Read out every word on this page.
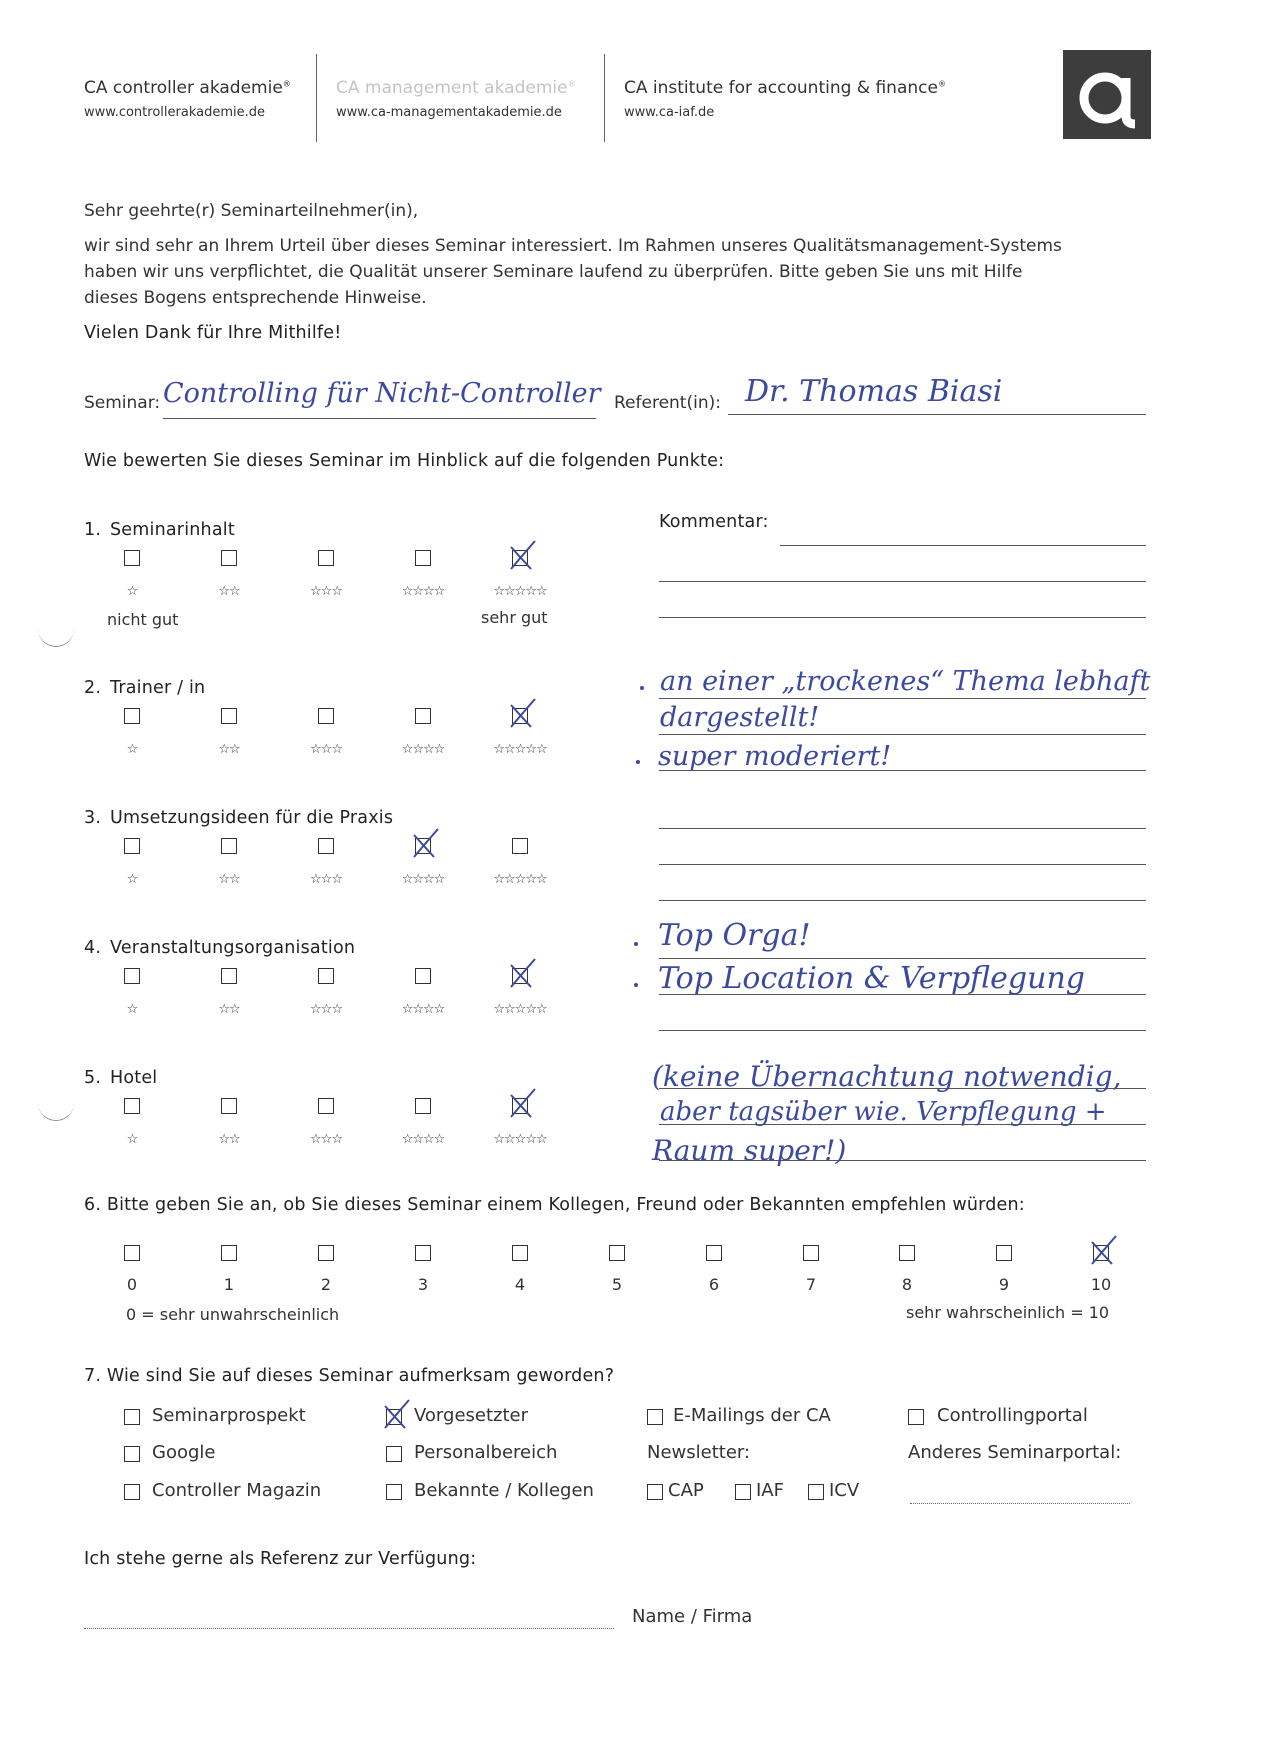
CA controller akademie®
www.controllerakademie.de
CA management akademie®
www.ca-managementakademie.de
CA institute for accounting & finance®
www.ca-iaf.de
Sehr geehrte(r) Seminarteilnehmer(in),
wir sind sehr an Ihrem Urteil über dieses Seminar interessiert. Im Rahmen unseres Qualitätsmanagement-Systems
haben wir uns verpflichtet, die Qualität unserer Seminare laufend zu überprüfen. Bitte geben Sie uns mit Hilfe
dieses Bogens entsprechende Hinweise.
Vielen Dank für Ihre Mithilfe!
Seminar: Controlling für Nicht-Controller Referent(in): Dr. Thomas Biasi
Wie bewerten Sie dieses Seminar im Hinblick auf die folgenden Punkte:
Kommentar:
1. Seminarinhalt
☆	☆☆	☆☆☆	☆☆☆☆	☆☆☆☆☆
nicht gut	sehr gut
2. Trainer / in
☆	☆☆	☆☆☆	☆☆☆☆	☆☆☆☆☆
3. Umsetzungsideen für die Praxis
☆	☆☆	☆☆☆	☆☆☆☆	☆☆☆☆☆
4. Veranstaltungsorganisation
☆	☆☆	☆☆☆	☆☆☆☆	☆☆☆☆☆
5. Hotel
☆	☆☆	☆☆☆	☆☆☆☆	☆☆☆☆☆
an einer „trockenes“ Thema lebhaft
dargestellt!
super moderiert!
Top Orga!
Top Location & Verpflegung
(keine Übernachtung notwendig,
aber tagsüber wie. Verpflegung +
Raum super!)
6. Bitte geben Sie an, ob Sie dieses Seminar einem Kollegen, Freund oder Bekannten empfehlen würden:
0	1	2	3	4	5	6	7	8	9	10
0 = sehr unwahrscheinlich	sehr wahrscheinlich = 10
7. Wie sind Sie auf dieses Seminar aufmerksam geworden?
Seminarprospekt
Google
Controller Magazin
Vorgesetzter
Personalbereich
Bekannte / Kollegen
E-Mailings der CA
Newsletter:
CAP	IAF	ICV
Controllingportal
Anderes Seminarportal:
Ich stehe gerne als Referenz zur Verfügung:
Name / Firma
